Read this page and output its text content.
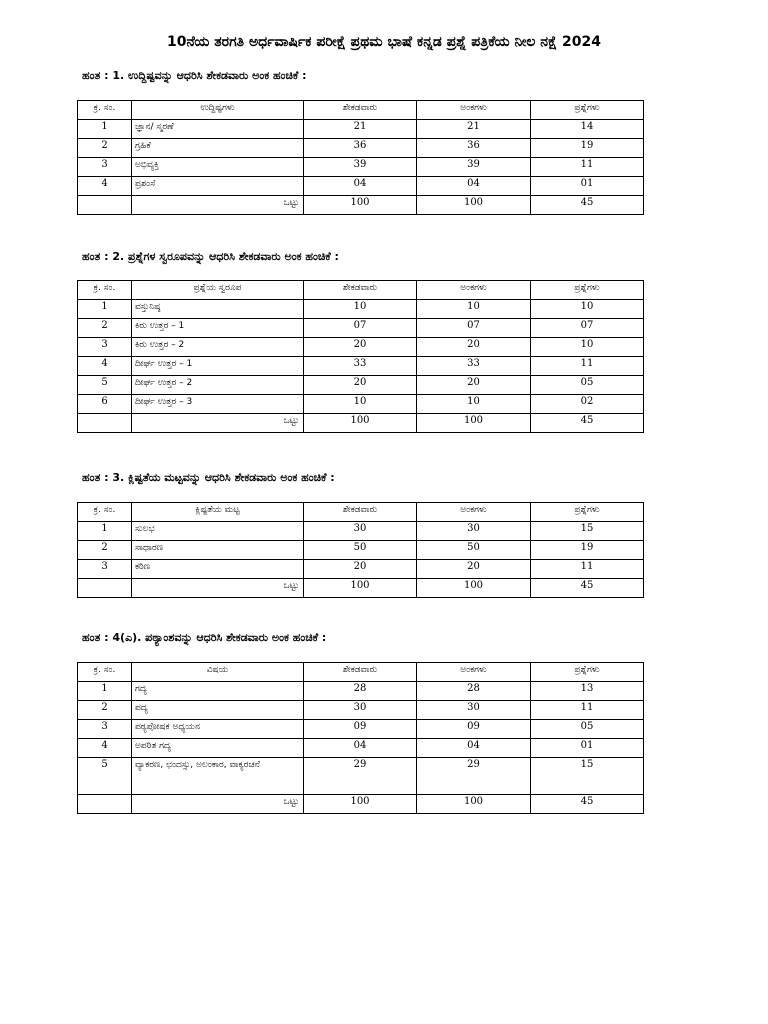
10ನೆಯ ತರಗತಿ ಅರ್ಧವಾರ್ಷಿಕ ಪರೀಕ್ಷೆ ಪ್ರಥಮ ಭಾಷೆ ಕನ್ನಡ ಪ್ರಶ್ನೆ ಪತ್ರಿಕೆಯ ನೀಲ ನಕ್ಷೆ 2024
ಹಂತ : 1. ಉದ್ದಿಷ್ಟವನ್ನು ಆಧರಿಸಿ ಶೇಕಡವಾರು ಅಂಕ ಹಂಚಿಕೆ :
ಕ್ರ. ಸಂ.	ಉದ್ದಿಷ್ಟಗಳು	ಶೇಕಡವಾರು	ಅಂಕಗಳು	ಪ್ರಶ್ನೆಗಳು
1	ಜ್ಞಾನ/ ಸ್ಮರಣೆ	21	21	14
2	ಗ್ರಹಿಕೆ	36	36	19
3	ಅಭಿವ್ಯಕ್ತಿ	39	39	11
4	ಪ್ರಶಂಸೆ	04	04	01
	ಒಟ್ಟು	100	100	45
ಹಂತ : 2. ಪ್ರಶ್ನೆಗಳ ಸ್ವರೂಪವನ್ನು ಆಧರಿಸಿ ಶೇಕಡವಾರು ಅಂಕ ಹಂಚಿಕೆ :
ಕ್ರ. ಸಂ.	ಪ್ರಶ್ನೆಯ ಸ್ವರೂಪ	ಶೇಕಡವಾರು	ಅಂಕಗಳು	ಪ್ರಶ್ನೆಗಳು
1	ವಸ್ತುನಿಷ್ಠ	10	10	10
2	ಕಿರು ಉತ್ತರ – 1	07	07	07
3	ಕಿರು ಉತ್ತರ – 2	20	20	10
4	ದೀರ್ಘ ಉತ್ತರ – 1	33	33	11
5	ದೀರ್ಘ ಉತ್ತರ – 2	20	20	05
6	ದೀರ್ಘ ಉತ್ತರ – 3	10	10	02
	ಒಟ್ಟು	100	100	45
ಹಂತ : 3. ಕ್ಲಿಷ್ಟತೆಯ ಮಟ್ಟವನ್ನು ಆಧರಿಸಿ ಶೇಕಡವಾರು ಅಂಕ ಹಂಚಿಕೆ :
ಕ್ರ. ಸಂ.	ಕ್ಲಿಷ್ಟತೆಯ ಮಟ್ಟ	ಶೇಕಡವಾರು	ಅಂಕಗಳು	ಪ್ರಶ್ನೆಗಳು
1	ಸುಲಭ	30	30	15
2	ಸಾಧಾರಣ	50	50	19
3	ಕಠಿಣ	20	20	11
	ಒಟ್ಟು	100	100	45
ಹಂತ : 4(ಎ). ಪಠ್ಯಾಂಶವನ್ನು ಆಧರಿಸಿ ಶೇಕಡವಾರು ಅಂಕ ಹಂಚಿಕೆ :
ಕ್ರ. ಸಂ.	ವಿಷಯ	ಶೇಕಡವಾರು	ಅಂಕಗಳು	ಪ್ರಶ್ನೆಗಳು
1	ಗದ್ಯ	28	28	13
2	ಪದ್ಯ	30	30	11
3	ಪಠ್ಯಪೋಷಕ ಅಧ್ಯಯನ	09	09	05
4	ಅಪಠಿತ ಗದ್ಯ	04	04	01
5	ವ್ಯಾಕರಣ, ಛಂದಸ್ಸು, ಅಲಂಕಾರ, ವಾಕ್ಯರಚನೆ	29	29	15
	ಒಟ್ಟು	100	100	45
